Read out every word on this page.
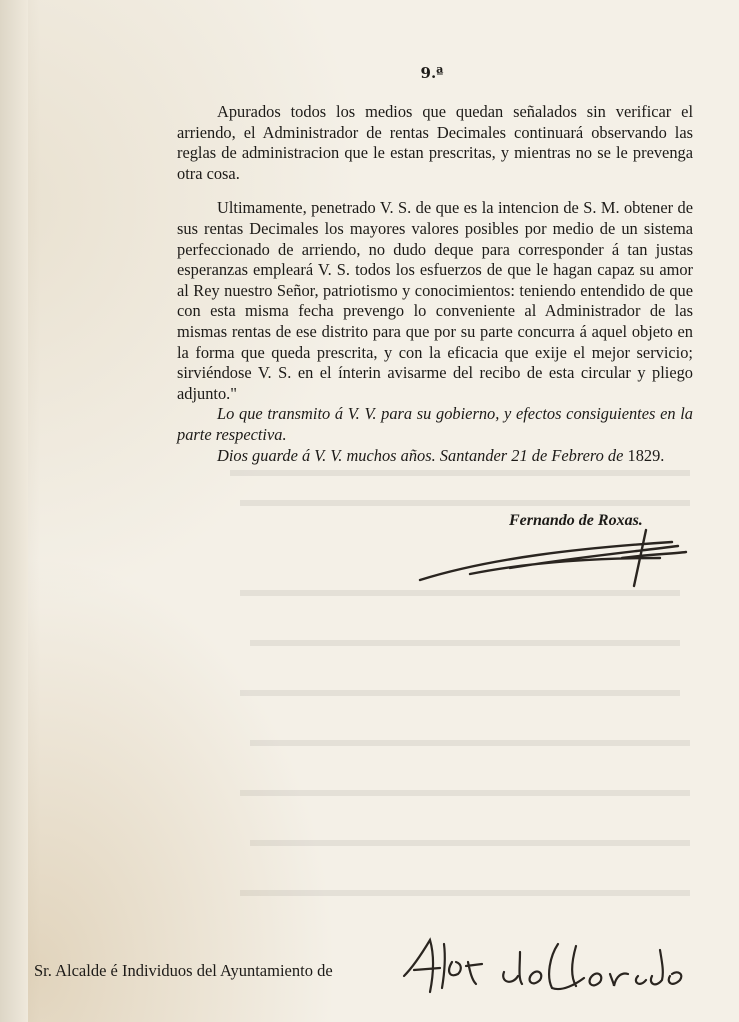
9.ª

Apurados todos los medios que quedan señalados sin verificar el arriendo, el Administrador de rentas Decimales continuará observando las reglas de administracion que le estan prescritas, y mientras no se le prevenga otra cosa.

Ultimamente, penetrado V. S. de que es la intencion de S. M. obtener de sus rentas Decimales los mayores valores posibles por medio de un sistema perfeccionado de arriendo, no dudo deque para corresponder á tan justas esperanzas empleará V. S. todos los esfuerzos de que le hagan capaz su amor al Rey nuestro Señor, patriotismo y conocimientos: teniendo entendido de que con esta misma fecha prevengo lo conveniente al Administrador de las mismas rentas de ese distrito para que por su parte concurra á aquel objeto en la forma que queda prescrita, y con la eficacia que exije el mejor servicio; sirviéndose V. S. en el ínterin avisarme del recibo de esta circular y pliego adjunto."

Lo que transmito á V. V. para su gobierno, y efectos consiguientes en la parte respectiva.

Dios guarde á V. V. muchos años. Santander 21 de Febrero de 1829.

Fernando de Roxas.
Sr. Alcalde é Individuos del Ayuntamiento de
